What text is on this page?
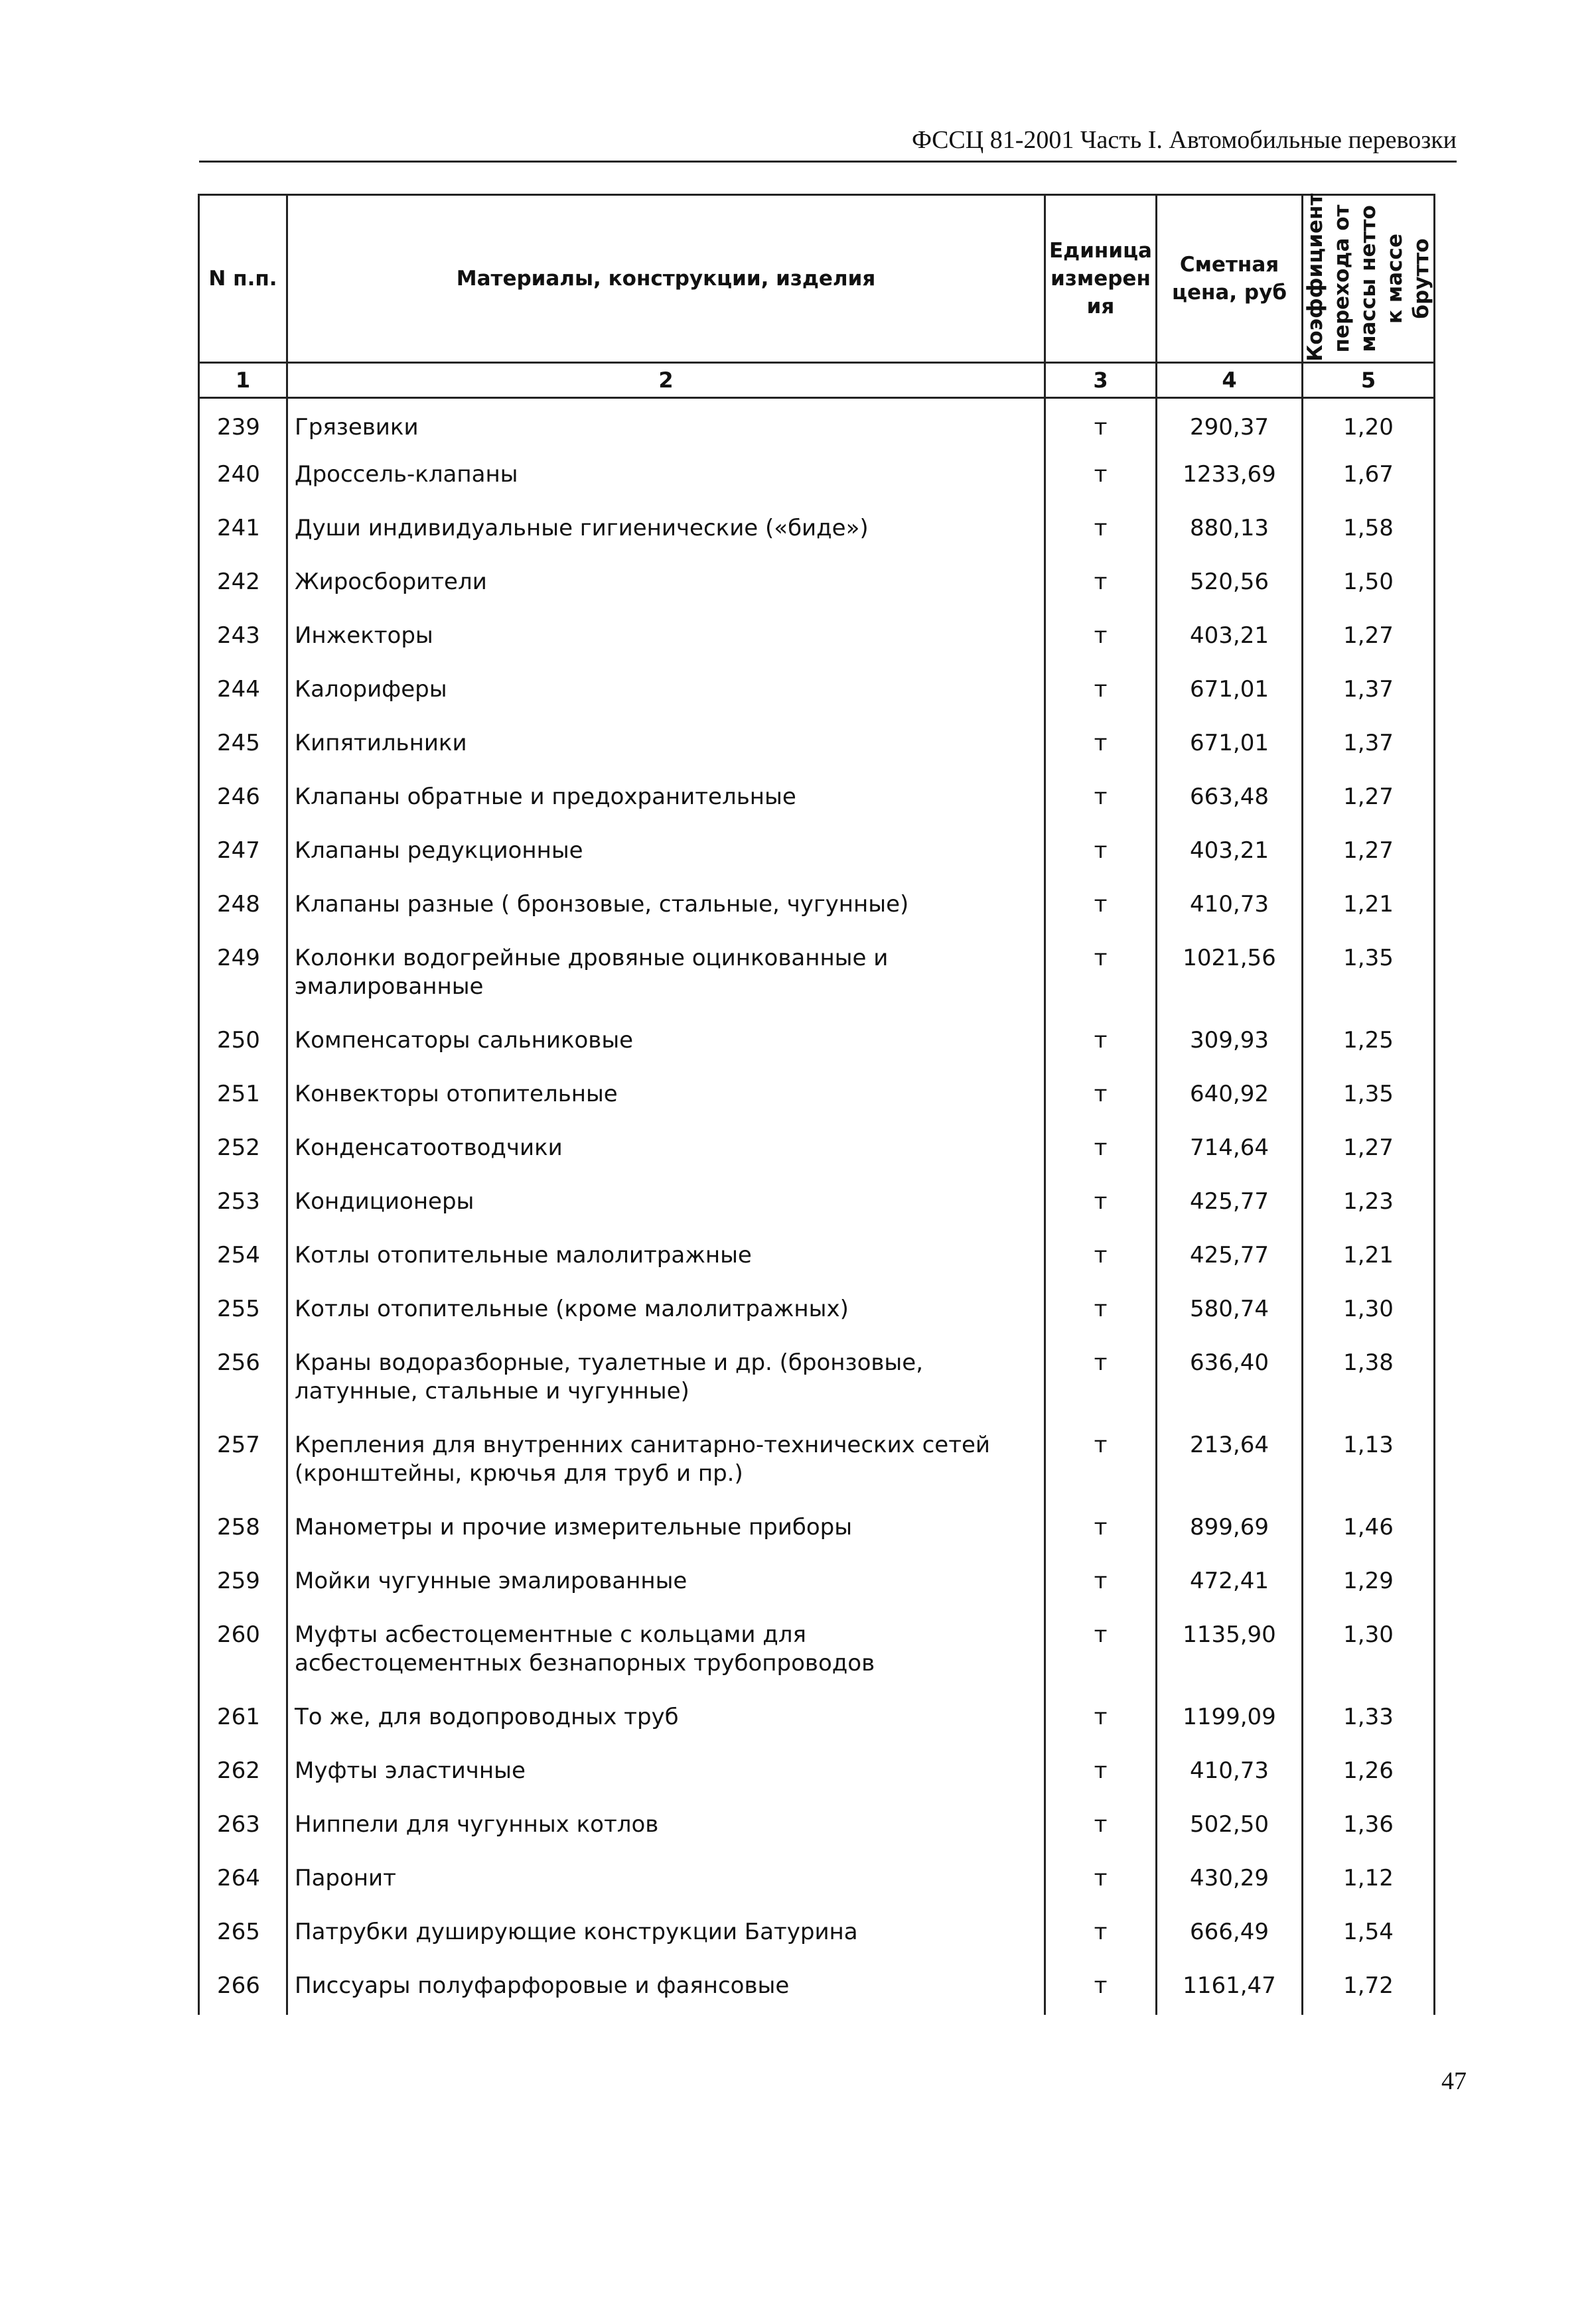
ФССЦ 81-2001 Часть I. Автомобильные перевозки
N п.п.	Материалы, конструкции, изделия	Единица измерен ия	Сметная цена, руб	Коэффициент перехода от массы нетто к массе брутто

1	2	3	4	5
239	Грязевики	т	290,37	1,20
240	Дроссель-клапаны	т	1233,69	1,67
241	Души индивидуальные гигиенические («биде»)	т	880,13	1,58
242	Жиросборители	т	520,56	1,50
243	Инжекторы	т	403,21	1,27
244	Калориферы	т	671,01	1,37
245	Кипятильники	т	671,01	1,37
246	Клапаны обратные и предохранительные	т	663,48	1,27
247	Клапаны редукционные	т	403,21	1,27
248	Клапаны разные ( бронзовые, стальные, чугунные)	т	410,73	1,21
249	Колонки водогрейные дровяные оцинкованные и эмалированные	т	1021,56	1,35
250	Компенсаторы сальниковые	т	309,93	1,25
251	Конвекторы отопительные	т	640,92	1,35
252	Конденсатоотводчики	т	714,64	1,27
253	Кондиционеры	т	425,77	1,23
254	Котлы отопительные малолитражные	т	425,77	1,21
255	Котлы отопительные (кроме малолитражных)	т	580,74	1,30
256	Краны водоразборные, туалетные и др. (бронзовые, латунные, стальные и чугунные)	т	636,40	1,38
257	Крепления для внутренних санитарно-технических сетей (кронштейны, крючья для труб и пр.)	т	213,64	1,13
258	Манометры и прочие измерительные приборы	т	899,69	1,46
259	Мойки чугунные эмалированные	т	472,41	1,29
260	Муфты асбестоцементные с кольцами для асбестоцементных безнапорных трубопроводов	т	1135,90	1,30
261	То же, для водопроводных труб	т	1199,09	1,33
262	Муфты эластичные	т	410,73	1,26
263	Ниппели для чугунных котлов	т	502,50	1,36
264	Паронит	т	430,29	1,12
265	Патрубки душирующие конструкции Батурина	т	666,49	1,54
266	Писсуары полуфарфоровые и фаянсовые	т	1161,47	1,72
47
